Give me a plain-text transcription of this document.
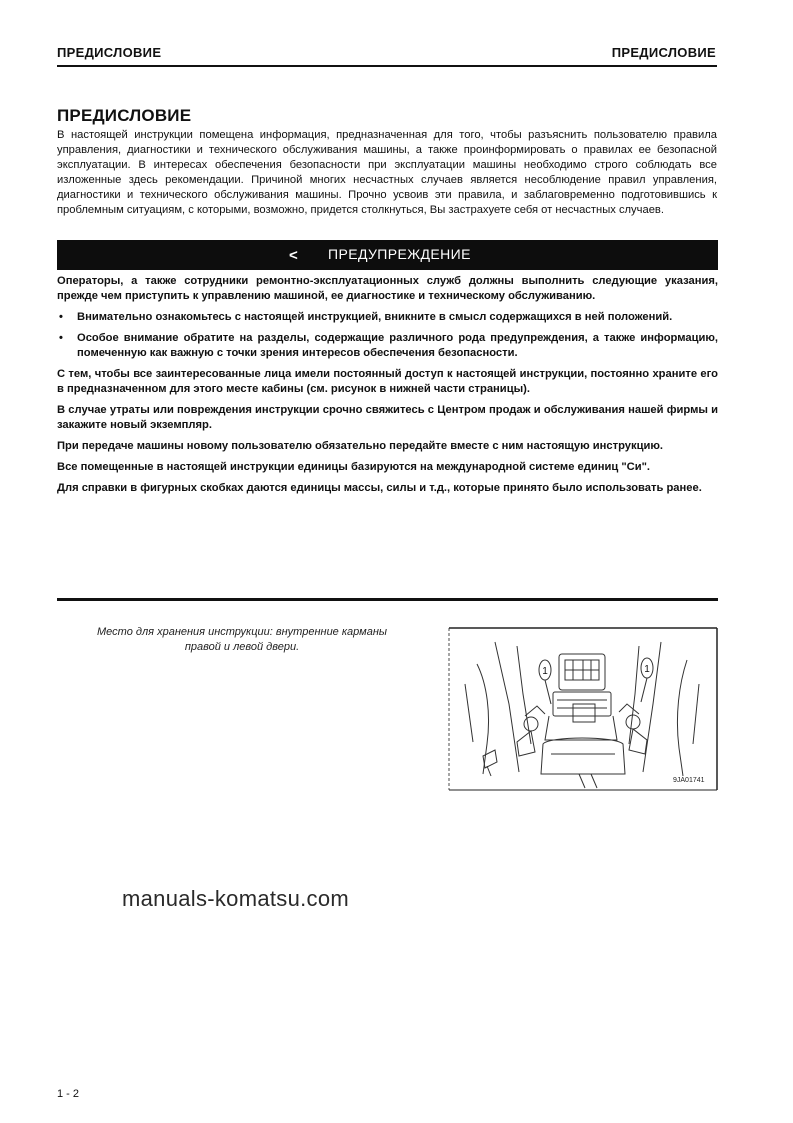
ПРЕДИСЛОВИЕ	ПРЕДИСЛОВИЕ
ПРЕДИСЛОВИЕ

В настоящей инструкции помещена информация, предназначенная для того, чтобы разъяснить пользователю правила управления, диагностики и технического обслуживания машины, а также проинформировать о правилах ее безопасной эксплуатации. В интересах обеспечения безопасности при эксплуатации машины необходимо строго соблюдать все изложенные здесь рекомендации. Причиной многих несчастных случаев является несоблюдение правил управления, диагностики и технического обслуживания машины. Прочно усвоив эти правила, и заблаговременно подготовившись к проблемным ситуациям, с которыми, возможно, придется столкнуться, Вы застрахуете себя от несчастных случаев.

< ПРЕДУПРЕЖДЕНИЕ

Операторы, а также сотрудники ремонтно-эксплуатационных служб должны выполнить следующие указания, прежде чем приступить к управлению машиной, ее диагностике и техническому обслуживанию.

• Внимательно ознакомьтесь с настоящей инструкцией, вникните в смысл содержащихся в ней положений.

• Особое внимание обратите на разделы, содержащие различного рода предупреждения, а также информацию, помеченную как важную с точки зрения интересов обеспечения безопасности.

С тем, чтобы все заинтересованные лица имели постоянный доступ к настоящей инструкции, постоянно храните его в предназначенном для этого месте кабины (см. рисунок в нижней части страницы).

В случае утраты или повреждения инструкции срочно свяжитесь с Центром продаж и обслуживания нашей фирмы и закажите новый экземпляр.

При передаче машины новому пользователю обязательно передайте вместе с ним настоящую инструкцию.

Все помещенные в настоящей инструкции единицы базируются на международной системе единиц "Си".

Для справки в фигурных скобках даются единицы массы, силы и т.д., которые принято было использовать ранее.

Место для хранения инструкции: внутренние карманы правой и левой двери.
1	1
9JA01741
manuals-komatsu.com
1 - 2
